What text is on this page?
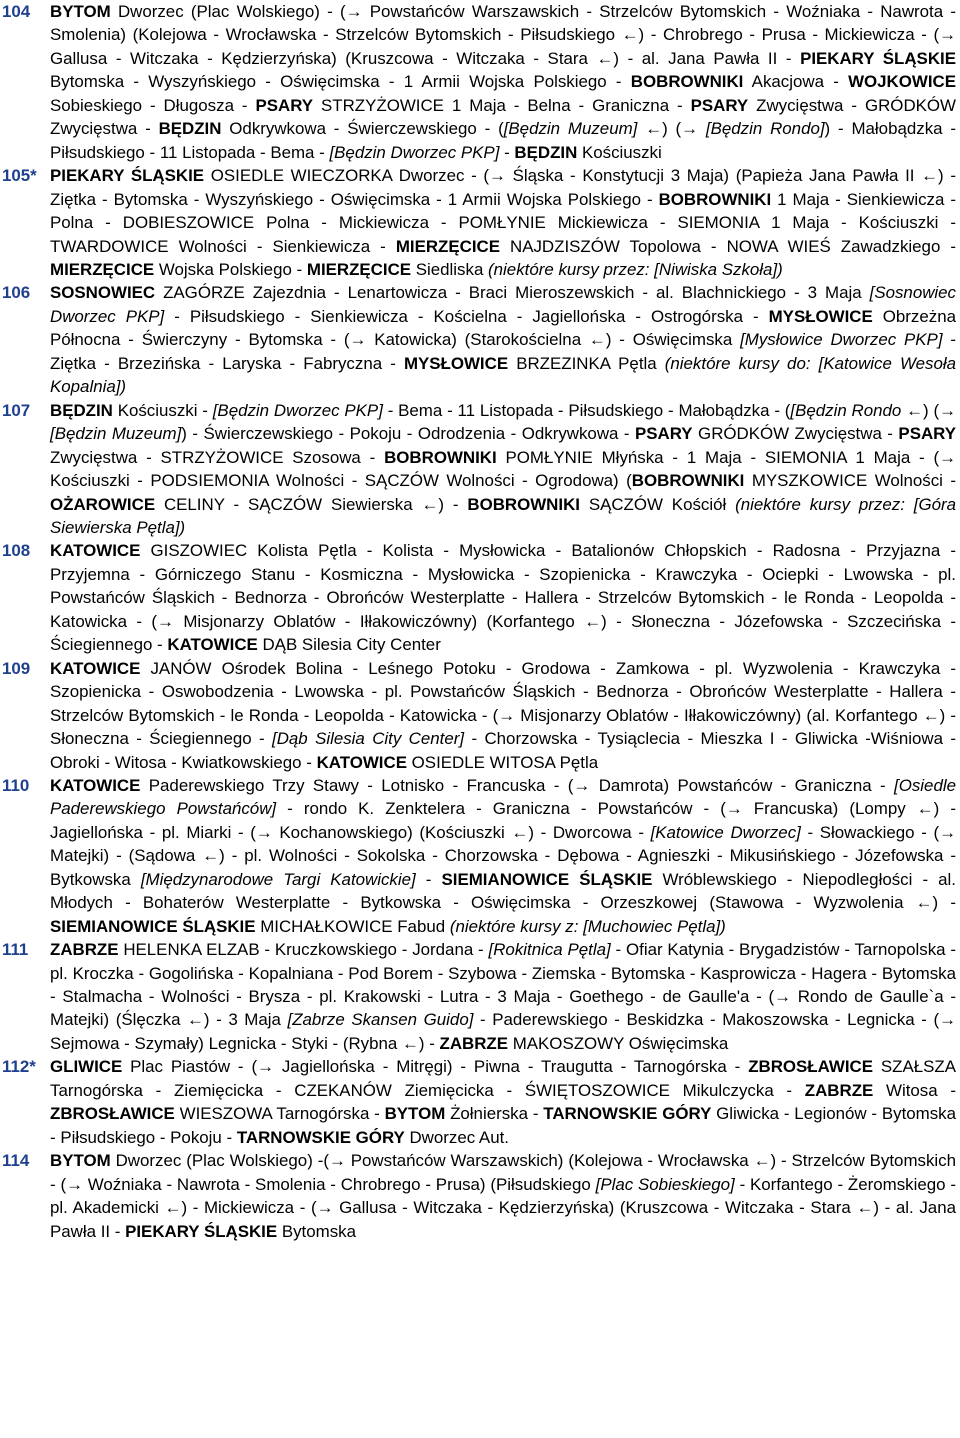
104	BYTOM Dworzec (Plac Wolskiego) - (→ Powstańców Warszawskich - Strzelców Bytomskich - Woźniaka - Nawrota - Smolenia) (Kolejowa - Wrocławska - Strzelców Bytomskich - Piłsudskiego ←) - Chrobrego - Prusa - Mickiewicza - (→ Gallusa - Witczaka - Kędzierzyńska) (Kruszcowa - Witczaka - Stara ←) - al. Jana Pawła II - PIEKARY ŚLĄSKIE Bytomska - Wyszyńskiego - Oświęcimska - 1 Armii Wojska Polskiego - BOBROWNIKI Akacjowa - WOJKOWICE Sobieskiego - Długosza - PSARY STRZYŻOWICE 1 Maja - Belna - Graniczna - PSARY Zwycięstwa - GRÓDKÓW Zwycięstwa - BĘDZIN Odkrywkowa - Świerczewskiego - ([Będzin Muzeum] ←) (→ [Będzin Rondo]) - Małobądzka - Piłsudskiego - 11 Listopada - Bema - [Będzin Dworzec PKP] - BĘDZIN Kościuszki
105* PIEKARY ŚLĄSKIE OSIEDLE WIECZORKA Dworzec - (→ Śląska - Konstytucji 3 Maja) (Papieża Jana Pawła II ←) - Ziętka - Bytomska - Wyszyńskiego - Oświęcimska - 1 Armii Wojska Polskiego - BOBROWNIKI 1 Maja - Sienkiewicza - Polna - DOBIESZOWICE Polna - Mickiewicza - POMŁYNIE Mickiewicza - SIEMONIA 1 Maja - Kościuszki - TWARDOWICE Wolności - Sienkiewicza - MIERZĘCICE NAJDZISZÓW Topolowa - NOWA WIEŚ Zawadzkiego - MIERZĘCICE Wojska Polskiego - MIERZĘCICE Siedliska (niektóre kursy przez: [Niwiska Szkoła])
106	SOSNOWIEC ZAGÓRZE Zajezdnia - Lenartowicza - Braci Mieroszewskich - al. Blachnickiego - 3 Maja [Sosnowiec Dworzec PKP] - Piłsudskiego - Sienkiewicza - Kościelna - Jagiellońska - Ostrogórska - MYSŁOWICE Obrzeżna Północna - Świerczyny - Bytomska - (→ Katowicka) (Starokościelna ←) - Oświęcimska [Mysłowice Dworzec PKP] - Ziętka - Brzezińska - Laryska - Fabryczna - MYSŁOWICE BRZEZINKA Pętla (niektóre kursy do: [Katowice Wesoła Kopalnia])
107	BĘDZIN Kościuszki - [Będzin Dworzec PKP] - Bema - 11 Listopada - Piłsudskiego - Małobądzka - ([Będzin Rondo ←) (→ [Będzin Muzeum]) - Świerczewskiego - Pokoju - Odrodzenia - Odkrywkowa - PSARY GRÓDKÓW Zwycięstwa - PSARY Zwycięstwa - STRZYŻOWICE Szosowa - BOBROWNIKI POMŁYNIE Młyńska - 1 Maja - SIEMONIA 1 Maja - (→ Kościuszki - PODSIEMONIA Wolności - SĄCZÓW Wolności - Ogrodowa) (BOBROWNIKI MYSZKOWICE Wolności - OŻAROWICE CELINY - SĄCZÓW Siewierska ←) - BOBROWNIKI SĄCZÓW Kościół (niektóre kursy przez: [Góra Siewierska Pętla])
108	KATOWICE GISZOWIEC Kolista Pętla - Kolista - Mysłowicka - Batalionów Chłopskich - Radosna - Przyjazna - Przyjemna - Górniczego Stanu - Kosmiczna - Mysłowicka - Szopienicka - Krawczyka - Ociepki - Lwowska - pl. Powstańców Śląskich - Bednorza - Obrońców Westerplatte - Hallera - Strzelców Bytomskich - le Ronda - Leopolda - Katowicka - (→ Misjonarzy Oblatów - Iłłakowiczówny) (Korfantego ←) - Słoneczna - Józefowska - Szczecińska - Ściegiennego - KATOWICE DĄB Silesia City Center
109	KATOWICE JANÓW Ośrodek Bolina - Leśnego Potoku - Grodowa - Zamkowa - pl. Wyzwolenia - Krawczyka - Szopienicka - Oswobodzenia - Lwowska - pl. Powstańców Śląskich - Bednorza - Obrońców Westerplatte - Hallera - Strzelców Bytomskich - le Ronda - Leopolda - Katowicka - (→ Misjonarzy Oblatów - Iłłakowiczówny) (al. Korfantego ←) - Słoneczna - Ściegiennego - [Dąb Silesia City Center] - Chorzowska - Tysiąclecia - Mieszka I - Gliwicka -Wiśniowa - Obroki - Witosa - Kwiatkowskiego - KATOWICE OSIEDLE WITOSA Pętla
110	KATOWICE Paderewskiego Trzy Stawy - Lotnisko - Francuska - (→ Damrota) Powstańców - Graniczna - [Osiedle Paderewskiego Powstańców] - rondo K. Zenktelera - Graniczna - Powstańców - (→ Francuska) (Lompy ←) - Jagiellońska - pl. Miarki - (→ Kochanowskiego) (Kościuszki ←) - Dworcowa - [Katowice Dworzec] - Słowackiego - (→ Matejki) - (Sądowa ←) - pl. Wolności - Sokolska - Chorzowska - Dębowa - Agnieszki - Mikusińskiego - Józefowska - Bytkowska [Międzynarodowe Targi Katowickie] - SIEMIANOWICE ŚLĄSKIE Wróblewskiego - Niepodległości - al. Młodych - Bohaterów Westerplatte - Bytkowska - Oświęcimska - Orzeszkowej (Stawowa - Wyzwolenia ←) - SIEMIANOWICE ŚLĄSKIE MICHAŁKOWICE Fabud (niektóre kursy z: [Muchowiec Pętla])
111	ZABRZE HELENKA ELZAB - Kruczkowskiego - Jordana - [Rokitnica Pętla] - Ofiar Katynia - Brygadzistów - Tarnopolska - pl. Kroczka - Gogolińska - Kopalniana - Pod Borem - Szybowa - Ziemska - Bytomska - Kasprowicza - Hagera - Bytomska - Stalmacha - Wolności - Brysza - pl. Krakowski - Lutra - 3 Maja - Goethego - de Gaulle'a - (→ Rondo de Gaulle`a - Matejki) (Ślęczka ←) - 3 Maja [Zabrze Skansen Guido] - Paderewskiego - Beskidzka - Makoszowska - Legnicka - (→ Sejmowa - Szymały) Legnicka - Styki - (Rybna ←) - ZABRZE MAKOSZOWY Oświęcimska
112* GLIWICE Plac Piastów - (→ Jagiellońska - Mitręgi) - Piwna - Traugutta - Tarnogórska - ZBROSŁAWICE SZAŁSZA Tarnogórska - Ziemięcicka - CZEKANÓW Ziemięcicka - ŚWIĘTOSZOWICE Mikulczycka - ZABRZE Witosa - ZBROSŁAWICE WIESZOWA Tarnogórska - BYTOM Żołnierska - TARNOWSKIE GÓRY Gliwicka - Legionów - Bytomska - Piłsudskiego - Pokoju - TARNOWSKIE GÓRY Dworzec Aut.
114	BYTOM Dworzec (Plac Wolskiego) -(→ Powstańców Warszawskich) (Kolejowa - Wrocławska ←) - Strzelców Bytomskich - (→ Woźniaka - Nawrota - Smolenia - Chrobrego - Prusa) (Piłsudskiego [Plac Sobieskiego] - Korfantego - Żeromskiego - pl. Akademicki ←) - Mickiewicza - (→ Gallusa - Witczaka - Kędzierzyńska) (Kruszcowa - Witczaka - Stara ←) - al. Jana Pawła II - PIEKARY ŚLĄSKIE Bytomska
